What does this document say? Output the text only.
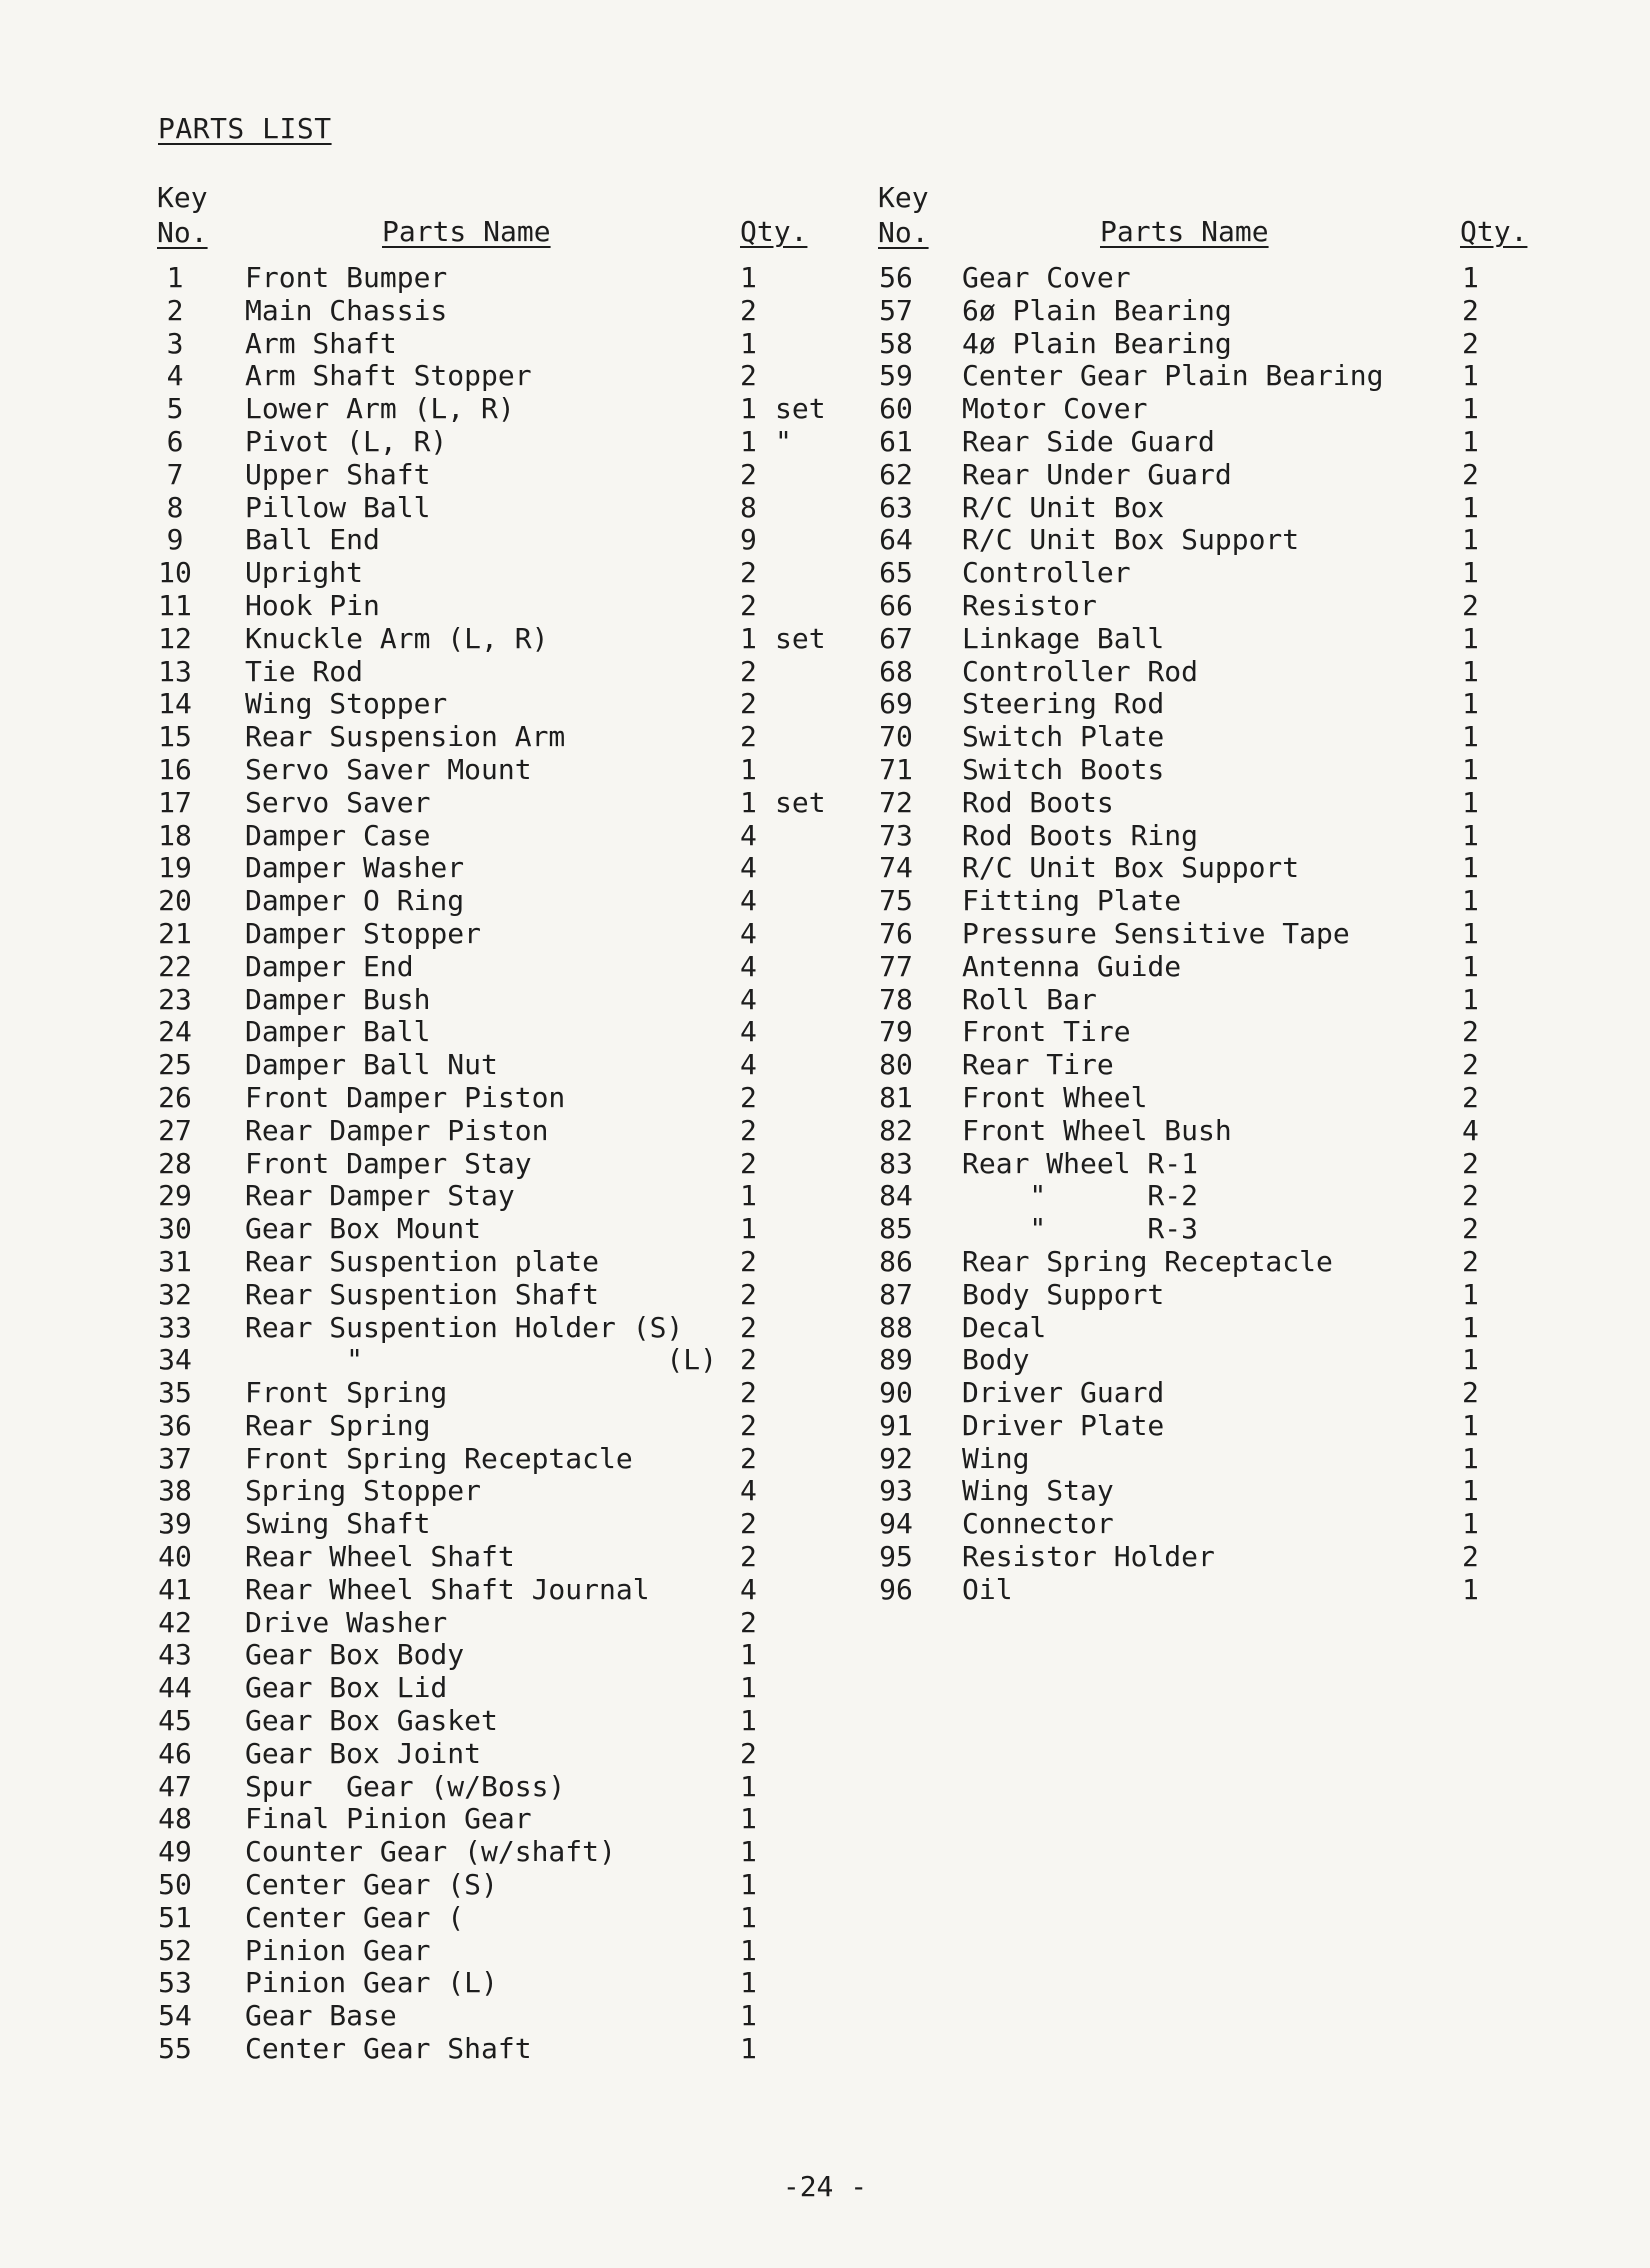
PARTS LIST
Key
No.	Parts Name	Qty.
1	Front Bumper	1
2	Main Chassis	2
3	Arm Shaft	1
4	Arm Shaft Stopper	2
5	Lower Arm (L, R)	1 set
6	Pivot (L, R)	1 "
7	Upper Shaft	2
8	Pillow Ball	8
9	Ball End	9
10 Upright	2
11 Hook Pin	2
12 Knuckle Arm (L, R)	1 set
13 Tie Rod	2
14 Wing Stopper	2
15 Rear Suspension Arm	2
16 Servo Saver Mount	1
17 Servo Saver	1 set
18 Damper Case	4
19 Damper Washer	4
20 Damper O Ring	4
21 Damper Stopper	4
22 Damper End	4
23 Damper Bush	4
24 Damper Ball	4
25 Damper Ball Nut	4
26 Front Damper Piston	2
27 Rear Damper Piston	2
28 Front Damper Stay	2
29 Rear Damper Stay	1
30 Gear Box Mount	1
31 Rear Suspention plate	2
32 Rear Suspention Shaft	2
33 Rear Suspention Holder (S) 2
34 "                  (L) 2
35 Front Spring	2
36 Rear Spring	2
37 Front Spring Receptacle	2
38 Spring Stopper	4
39 Swing Shaft	2
40 Rear Wheel Shaft	2
41 Rear Wheel Shaft Journal	4
42 Drive Washer	2
43 Gear Box Body	1
44 Gear Box Lid	1
45 Gear Box Gasket	1
46 Gear Box Joint	2
47 Spur  Gear (w/Boss)	1
48 Final Pinion Gear	1
49 Counter Gear (w/shaft)	1
50 Center Gear (S)	1
51 Center Gear (	1
52 Pinion Gear	1
53 Pinion Gear (L)	1
54 Gear Base	1
55 Center Gear Shaft	1
Key
No.	Parts Name	Qty.
56 Gear Cover	1
57 6ø Plain Bearing	2
58 4ø Plain Bearing	2
59 Center Gear Plain Bearing	1
60 Motor Cover	1
61 Rear Side Guard	1
62 Rear Under Guard	2
63 R/C Unit Box	1
64 R/C Unit Box Support	1
65 Controller	1
66 Resistor	2
67 Linkage Ball	1
68 Controller Rod	1
69 Steering Rod	1
70 Switch Plate	1
71 Switch Boots	1
72 Rod Boots	1
73 Rod Boots Ring	1
74 R/C Unit Box Support	1
75 Fitting Plate	1
76 Pressure Sensitive Tape	1
77 Antenna Guide	1
78 Roll Bar	1
79 Front Tire	2
80 Rear Tire	2
81 Front Wheel	2
82 Front Wheel Bush	4
83 Rear Wheel R-1	2
84 "      R-2	2
85 "      R-3	2
86 Rear Spring Receptacle	2
87 Body Support	1
88 Decal	1
89 Body	1
90 Driver Guard	2
91 Driver Plate	1
92 Wing	1
93 Wing Stay	1
94 Connector	1
95 Resistor Holder	2
96 Oil	1
-24 -
